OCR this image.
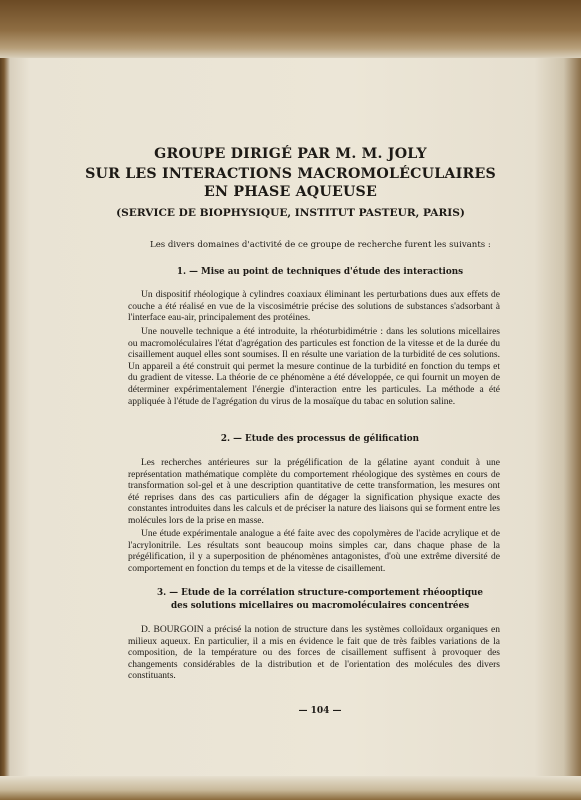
GROUPE DIRIGÉ PAR M. M. JOLY
SUR LES INTERACTIONS MACROMOLÉCULAIRES
EN PHASE AQUEUSE

(SERVICE DE BIOPHYSIQUE, INSTITUT PASTEUR, PARIS)

Les divers domaines d'activité de ce groupe de recherche furent les suivants :

1. — Mise au point de techniques d'étude des interactions

Un dispositif rhéologique à cylindres coaxiaux éliminant les perturbations dues aux effets de couche a été réalisé en vue de la viscosimétrie précise des solutions de substances s'adsorbant à l'interface eau-air, principalement des protéines.

Une nouvelle technique a été introduite, la rhéoturbidimétrie : dans les solutions micellaires ou macromoléculaires l'état d'agrégation des particules est fonction de la vitesse et de la durée du cisaillement auquel elles sont soumises. Il en résulte une variation de la turbidité de ces solutions. Un appareil a été construit qui permet la mesure continue de la turbidité en fonction du temps et du gradient de vitesse. La théorie de ce phénomène a été développée, ce qui fournit un moyen de déterminer expérimentalement l'énergie d'interaction entre les particules. La méthode a été appliquée à l'étude de l'agrégation du virus de la mosaïque du tabac en solution saline.

2. — Etude des processus de gélification

Les recherches antérieures sur la prégélification de la gélatine ayant conduit à une représentation mathématique complète du comportement rhéologique des systèmes en cours de transformation sol-gel et à une description quantitative de cette transformation, les mesures ont été reprises dans des cas particuliers afin de dégager la signification physique exacte des constantes introduites dans les calculs et de préciser la nature des liaisons qui se forment entre les molécules lors de la prise en masse.

Une étude expérimentale analogue a été faite avec des copolymères de l'acide acrylique et de l'acrylonitrile. Les résultats sont beaucoup moins simples car, dans chaque phase de la prégélification, il y a superposition de phénomènes antagonistes, d'où une extrême diversité de comportement en fonction du temps et de la vitesse de cisaillement.

3. — Etude de la corrélation structure-comportement rhéooptique

des solutions micellaires ou macromoléculaires concentrées

D. BOURGOIN a précisé la notion de structure dans les systèmes colloïdaux organiques en milieux aqueux. En particulier, il a mis en évidence le fait que de très faibles variations de la composition, de la température ou des forces de cisaillement suffisent à provoquer des changements considérables de la distribution et de l'orientation des molécules des divers constituants.

— 104 —
